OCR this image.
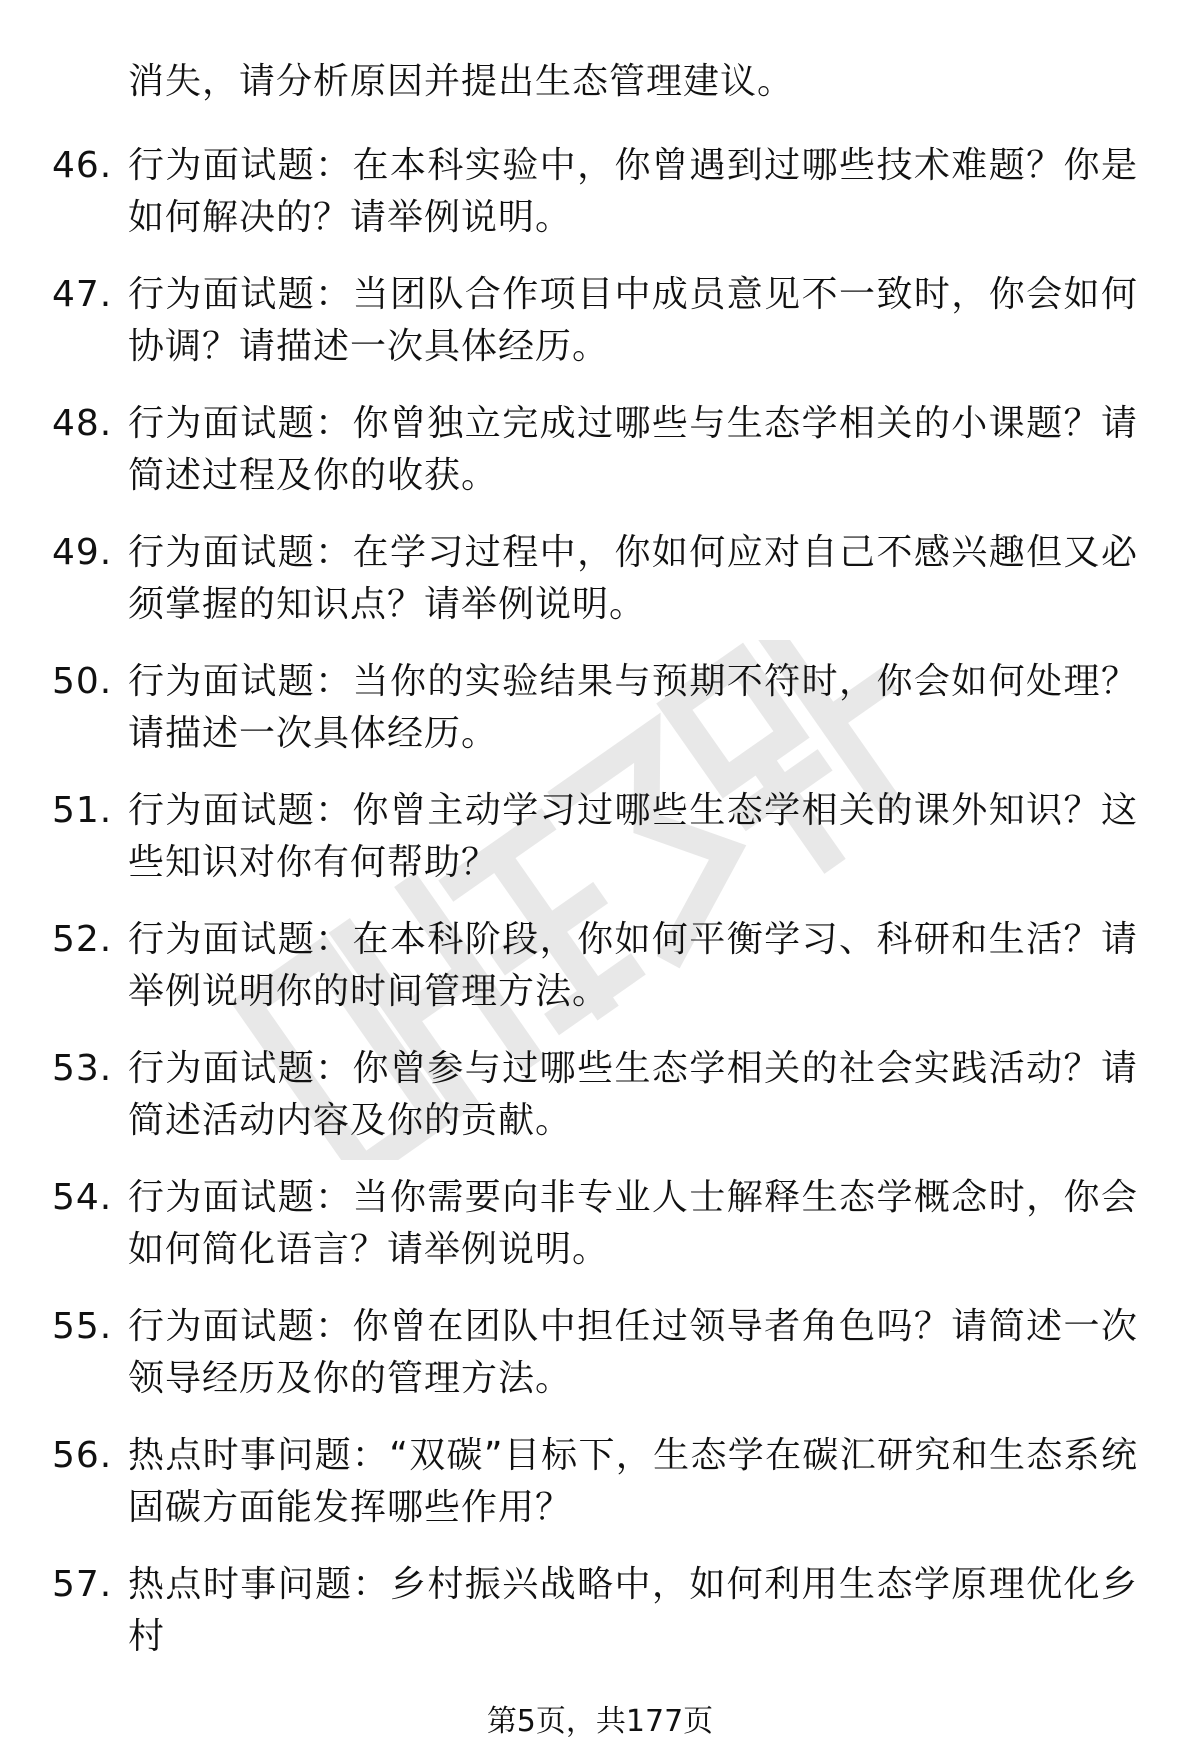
消失，请分析原因并提出生态管理建议。
46. 行为面试题：在本科实验中，你曾遇到过哪些技术难题？你是如何解决的？请举例说明。
47. 行为面试题：当团队合作项目中成员意见不一致时，你会如何协调？请描述一次具体经历。
48. 行为面试题：你曾独立完成过哪些与生态学相关的小课题？请简述过程及你的收获。
49. 行为面试题：在学习过程中，你如何应对自己不感兴趣但又必须掌握的知识点？请举例说明。
50. 行为面试题：当你的实验结果与预期不符时，你会如何处理？请描述一次具体经历。
51. 行为面试题：你曾主动学习过哪些生态学相关的课外知识？这些知识对你有何帮助？
52. 行为面试题：在本科阶段，你如何平衡学习、科研和生活？请举例说明你的时间管理方法。
53. 行为面试题：你曾参与过哪些生态学相关的社会实践活动？请简述活动内容及你的贡献。
54. 行为面试题：当你需要向非专业人士解释生态学概念时，你会如何简化语言？请举例说明。
55. 行为面试题：你曾在团队中担任过领导者角色吗？请简述一次领导经历及你的管理方法。
56. 热点时事问题：“双碳”目标下，生态学在碳汇研究和生态系统固碳方面能发挥哪些作用？
57. 热点时事问题：乡村振兴战略中，如何利用生态学原理优化乡村
第5页，共177页
